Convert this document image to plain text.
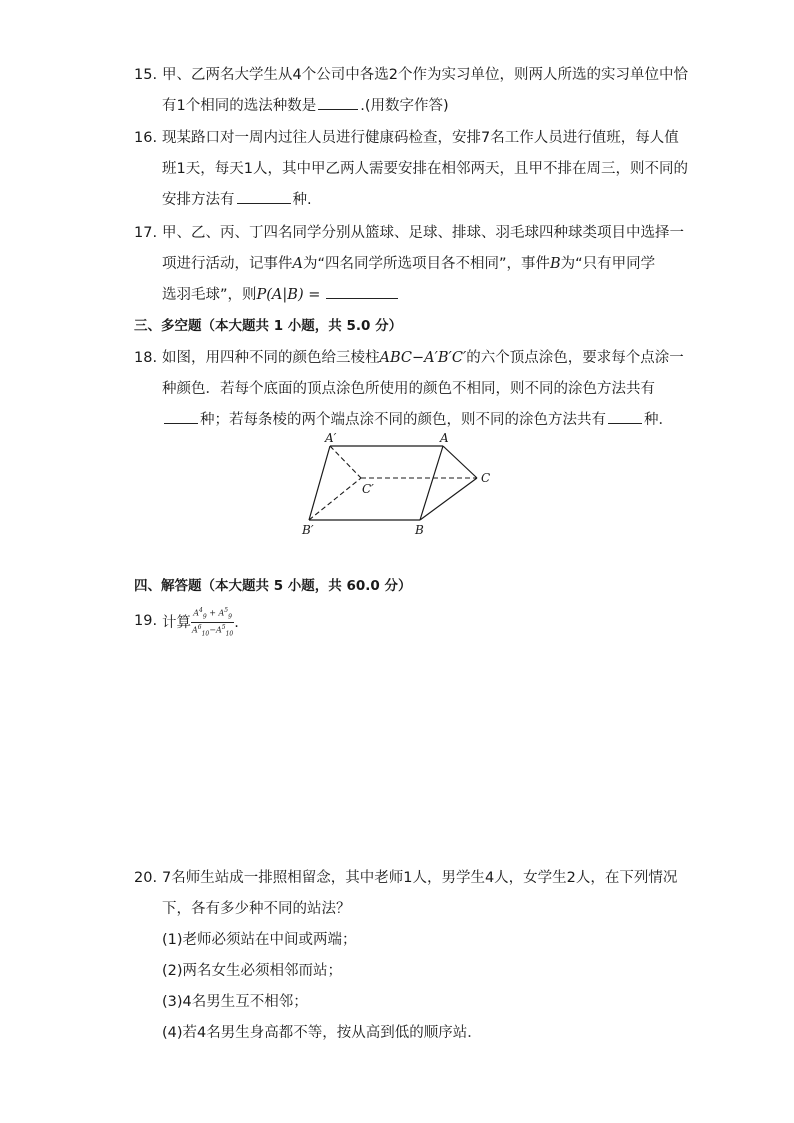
15. 甲、乙两名大学生从4个公司中各选2个作为实习单位，则两人所选的实习单位中恰
有1个相同的选法种数是	.(用数字作答)
16. 现某路口对一周内过往人员进行健康码检查，安排7名工作人员进行值班，每人值
班1天，每天1人，其中甲乙两人需要安排在相邻两天，且甲不排在周三，则不同的
安排方法有	种.
17. 甲、乙、丙、丁四名同学分别从篮球、足球、排球、羽毛球四种球类项目中选择一
项进行活动，记事件A为“四名同学所选项目各不相同”，事件B为“只有甲同学
选羽毛球”，则P(A|B) =
三、多空题（本大题共 1 小题，共 5.0 分）
18. 如图，用四种不同的颜色给三棱柱ABC−A′B′C′的六个顶点涂色，要求每个点涂一
种颜色．若每个底面的顶点涂色所使用的颜色不相同，则不同的涂色方法共有
种；若每条棱的两个端点涂不同的颜色，则不同的涂色方法共有	种．
A′	A
C′
C
B′	B
四、解答题（本大题共 5 小题，共 60.0 分）
19. 计算 $\frac{A^4_9 + A^5_9}{A^6_{10}-A^5_{10}}$ .
20. 7名师生站成一排照相留念，其中老师1人，男学生4人，女学生2人，在下列情况
下，各有多少种不同的站法？
(1)老师必须站在中间或两端；
(2)两名女生必须相邻而站；
(3)4名男生互不相邻；
(4)若4名男生身高都不等，按从高到低的顺序站．
